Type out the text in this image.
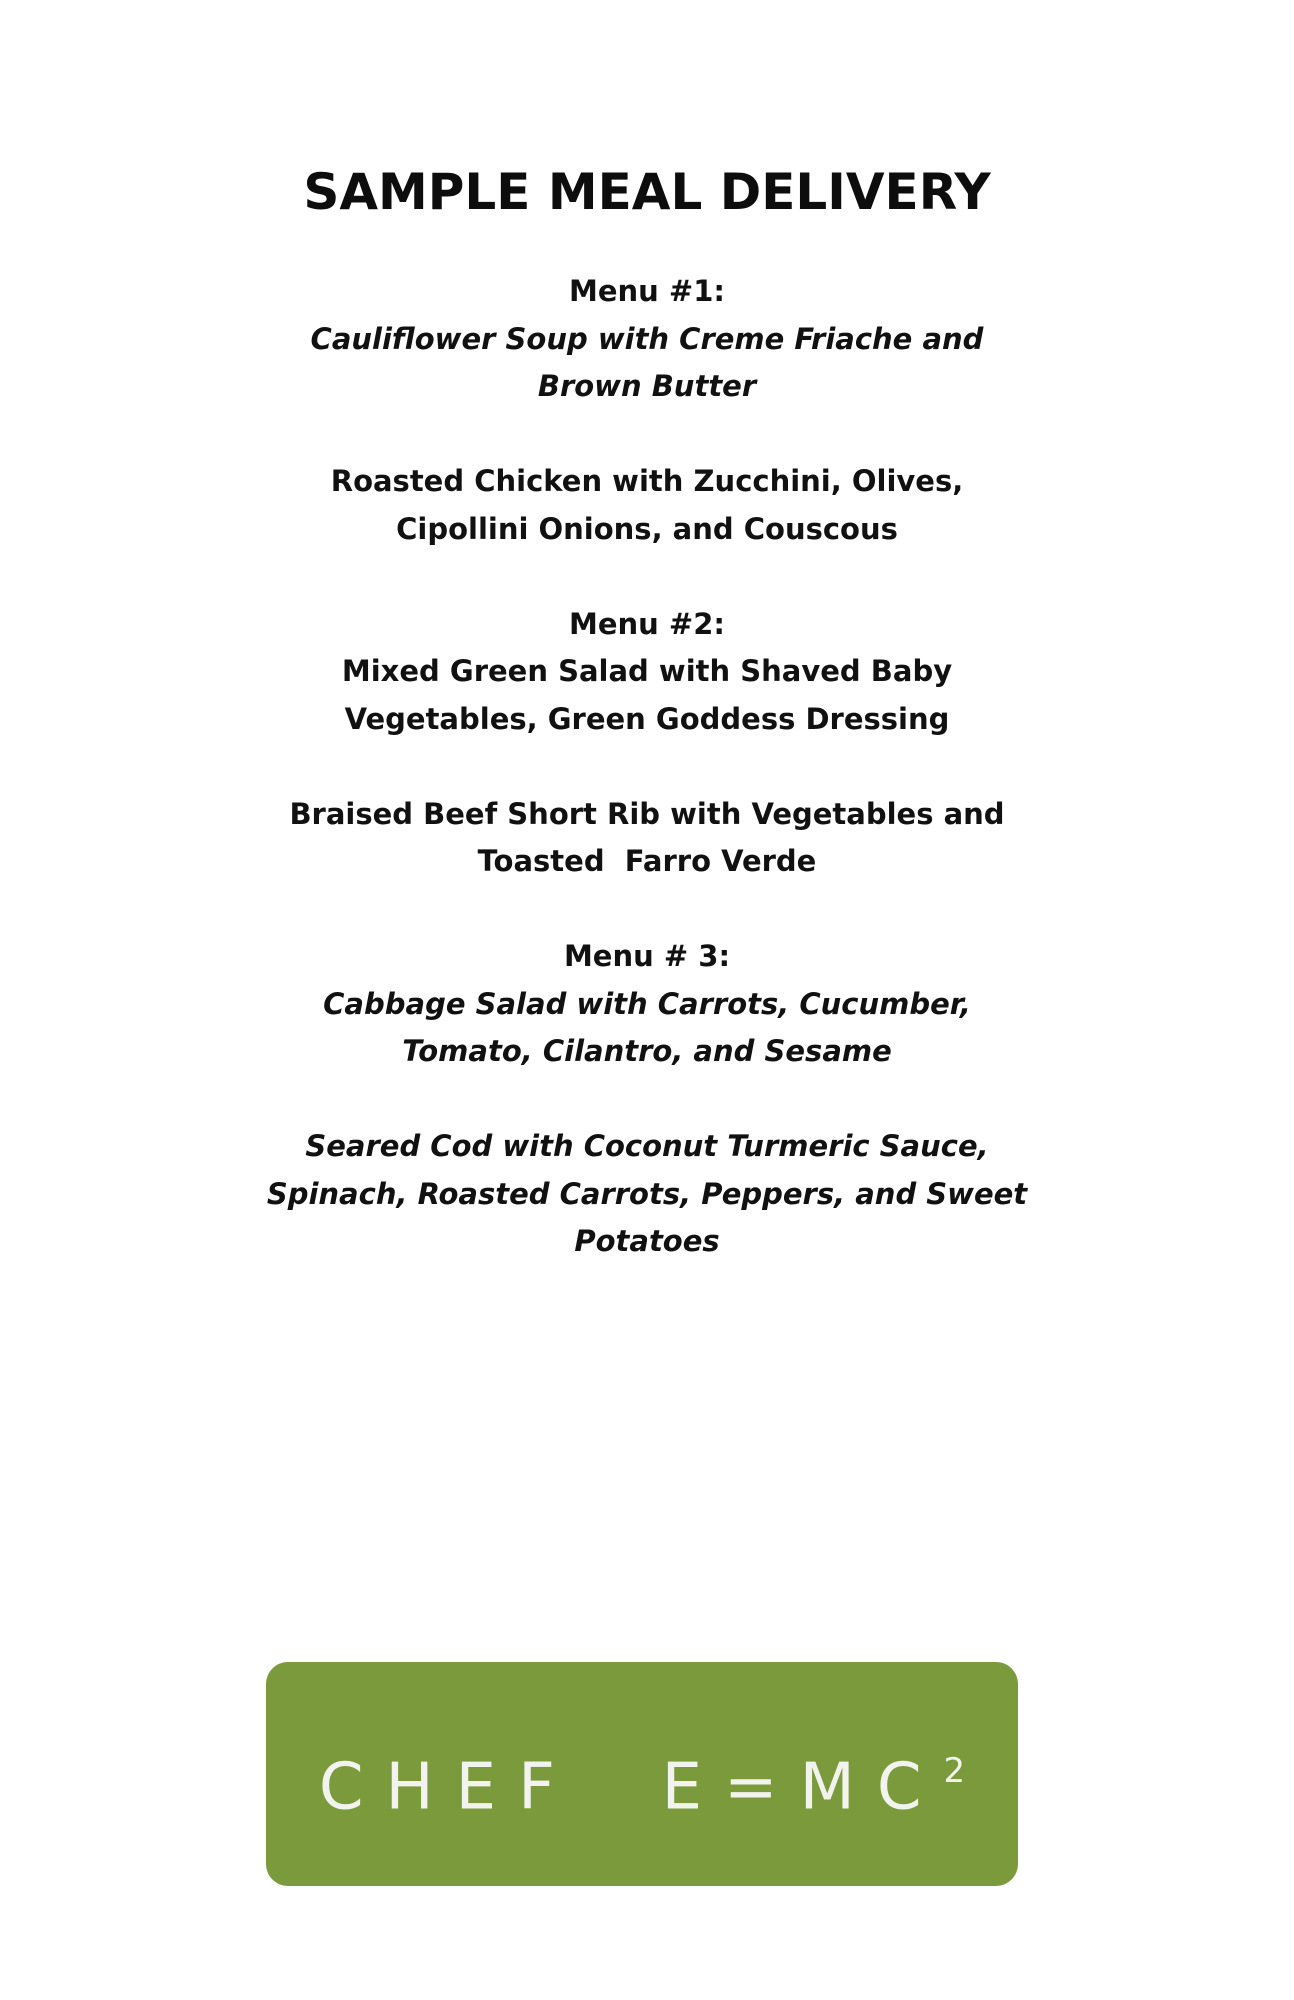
SAMPLE MEAL DELIVERY
Menu #1:
Cauliflower Soup with Creme Friache and
Brown Butter
Roasted Chicken with Zucchini, Olives,
Cipollini Onions, and Couscous
Menu #2:
Mixed Green Salad with Shaved Baby
Vegetables, Green Goddess Dressing
Braised Beef Short Rib with Vegetables and
Toasted  Farro Verde
Menu # 3:
Cabbage Salad with Carrots, Cucumber,
Tomato, Cilantro, and Sesame
Seared Cod with Coconut Turmeric Sauce,
Spinach, Roasted Carrots, Peppers, and Sweet
Potatoes
CHEF  $E=MC^2$
